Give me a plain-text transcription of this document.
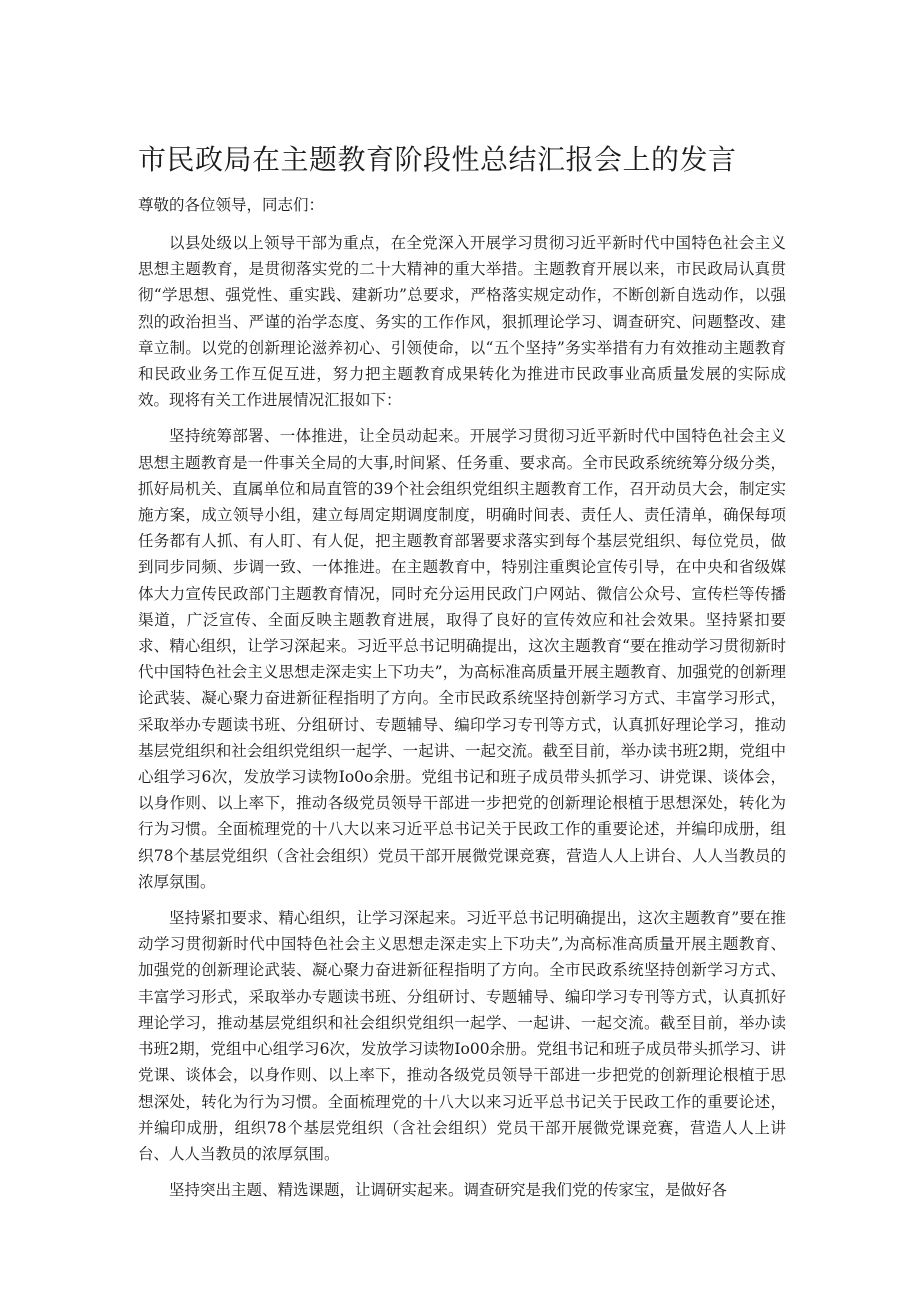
市民政局在主题教育阶段性总结汇报会上的发言

尊敬的各位领导，同志们：

以县处级以上领导干部为重点，在全党深入开展学习贯彻习近平新时代中国特色社会主义思想主题教育，是贯彻落实党的二十大精神的重大举措。主题教育开展以来，市民政局认真贯彻“学思想、强党性、重实践、建新功”总要求，严格落实规定动作，不断创新自选动作，以强烈的政治担当、严谨的治学态度、务实的工作作风，狠抓理论学习、调查研究、问题整改、建章立制。以党的创新理论滋养初心、引领使命，以“五个坚持”务实举措有力有效推动主题教育和民政业务工作互促互进，努力把主题教育成果转化为推进市民政事业高质量发展的实际成效。现将有关工作进展情况汇报如下：

坚持统筹部署、一体推进，让全员动起来。开展学习贯彻习近平新时代中国特色社会主义思想主题教育是一件事关全局的大事,时间紧、任务重、要求高。全市民政系统统筹分级分类，抓好局机关、直属单位和局直管的39个社会组织党组织主题教育工作，召开动员大会，制定实施方案，成立领导小组，建立每周定期调度制度，明确时间表、责任人、责任清单，确保每项任务都有人抓、有人盯、有人促，把主题教育部署要求落实到每个基层党组织、每位党员，做到同步同频、步调一致、一体推进。在主题教育中，特别注重舆论宣传引导，在中央和省级媒体大力宣传民政部门主题教育情况，同时充分运用民政门户网站、微信公众号、宣传栏等传播渠道，广泛宣传、全面反映主题教育进展，取得了良好的宣传效应和社会效果。坚持紧扣要求、精心组织，让学习深起来。习近平总书记明确提出，这次主题教育“要在推动学习贯彻新时代中国特色社会主义思想走深走实上下功夫”，为高标准高质量开展主题教育、加强党的创新理论武装、凝心聚力奋进新征程指明了方向。全市民政系统坚持创新学习方式、丰富学习形式，采取举办专题读书班、分组研讨、专题辅导、编印学习专刊等方式，认真抓好理论学习，推动基层党组织和社会组织党组织一起学、一起讲、一起交流。截至目前，举办读书班2期，党组中心组学习6次，发放学习读物Io0o余册。党组书记和班子成员带头抓学习、讲党课、谈体会，以身作则、以上率下，推动各级党员领导干部进一步把党的创新理论根植于思想深处，转化为行为习惯。全面梳理党的十八大以来习近平总书记关于民政工作的重要论述，并编印成册，组织78个基层党组织（含社会组织）党员干部开展微党课竞赛，营造人人上讲台、人人当教员的浓厚氛围。

坚持紧扣要求、精心组织，让学习深起来。习近平总书记明确提出，这次主题教育”要在推动学习贯彻新时代中国特色社会主义思想走深走实上下功夫”,为高标准高质量开展主题教育、加强党的创新理论武装、凝心聚力奋进新征程指明了方向。全市民政系统坚持创新学习方式、丰富学习形式，采取举办专题读书班、分组研讨、专题辅导、编印学习专刊等方式，认真抓好理论学习，推动基层党组织和社会组织党组织一起学、一起讲、一起交流。截至目前，举办读书班2期，党组中心组学习6次，发放学习读物Io00余册。党组书记和班子成员带头抓学习、讲党课、谈体会，以身作则、以上率下，推动各级党员领导干部进一步把党的创新理论根植于思想深处，转化为行为习惯。全面梳理党的十八大以来习近平总书记关于民政工作的重要论述，并编印成册，组织78个基层党组织（含社会组织）党员干部开展微党课竞赛，营造人人上讲台、人人当教员的浓厚氛围。

坚持突出主题、精选课题，让调研实起来。调查研究是我们党的传家宝，是做好各
